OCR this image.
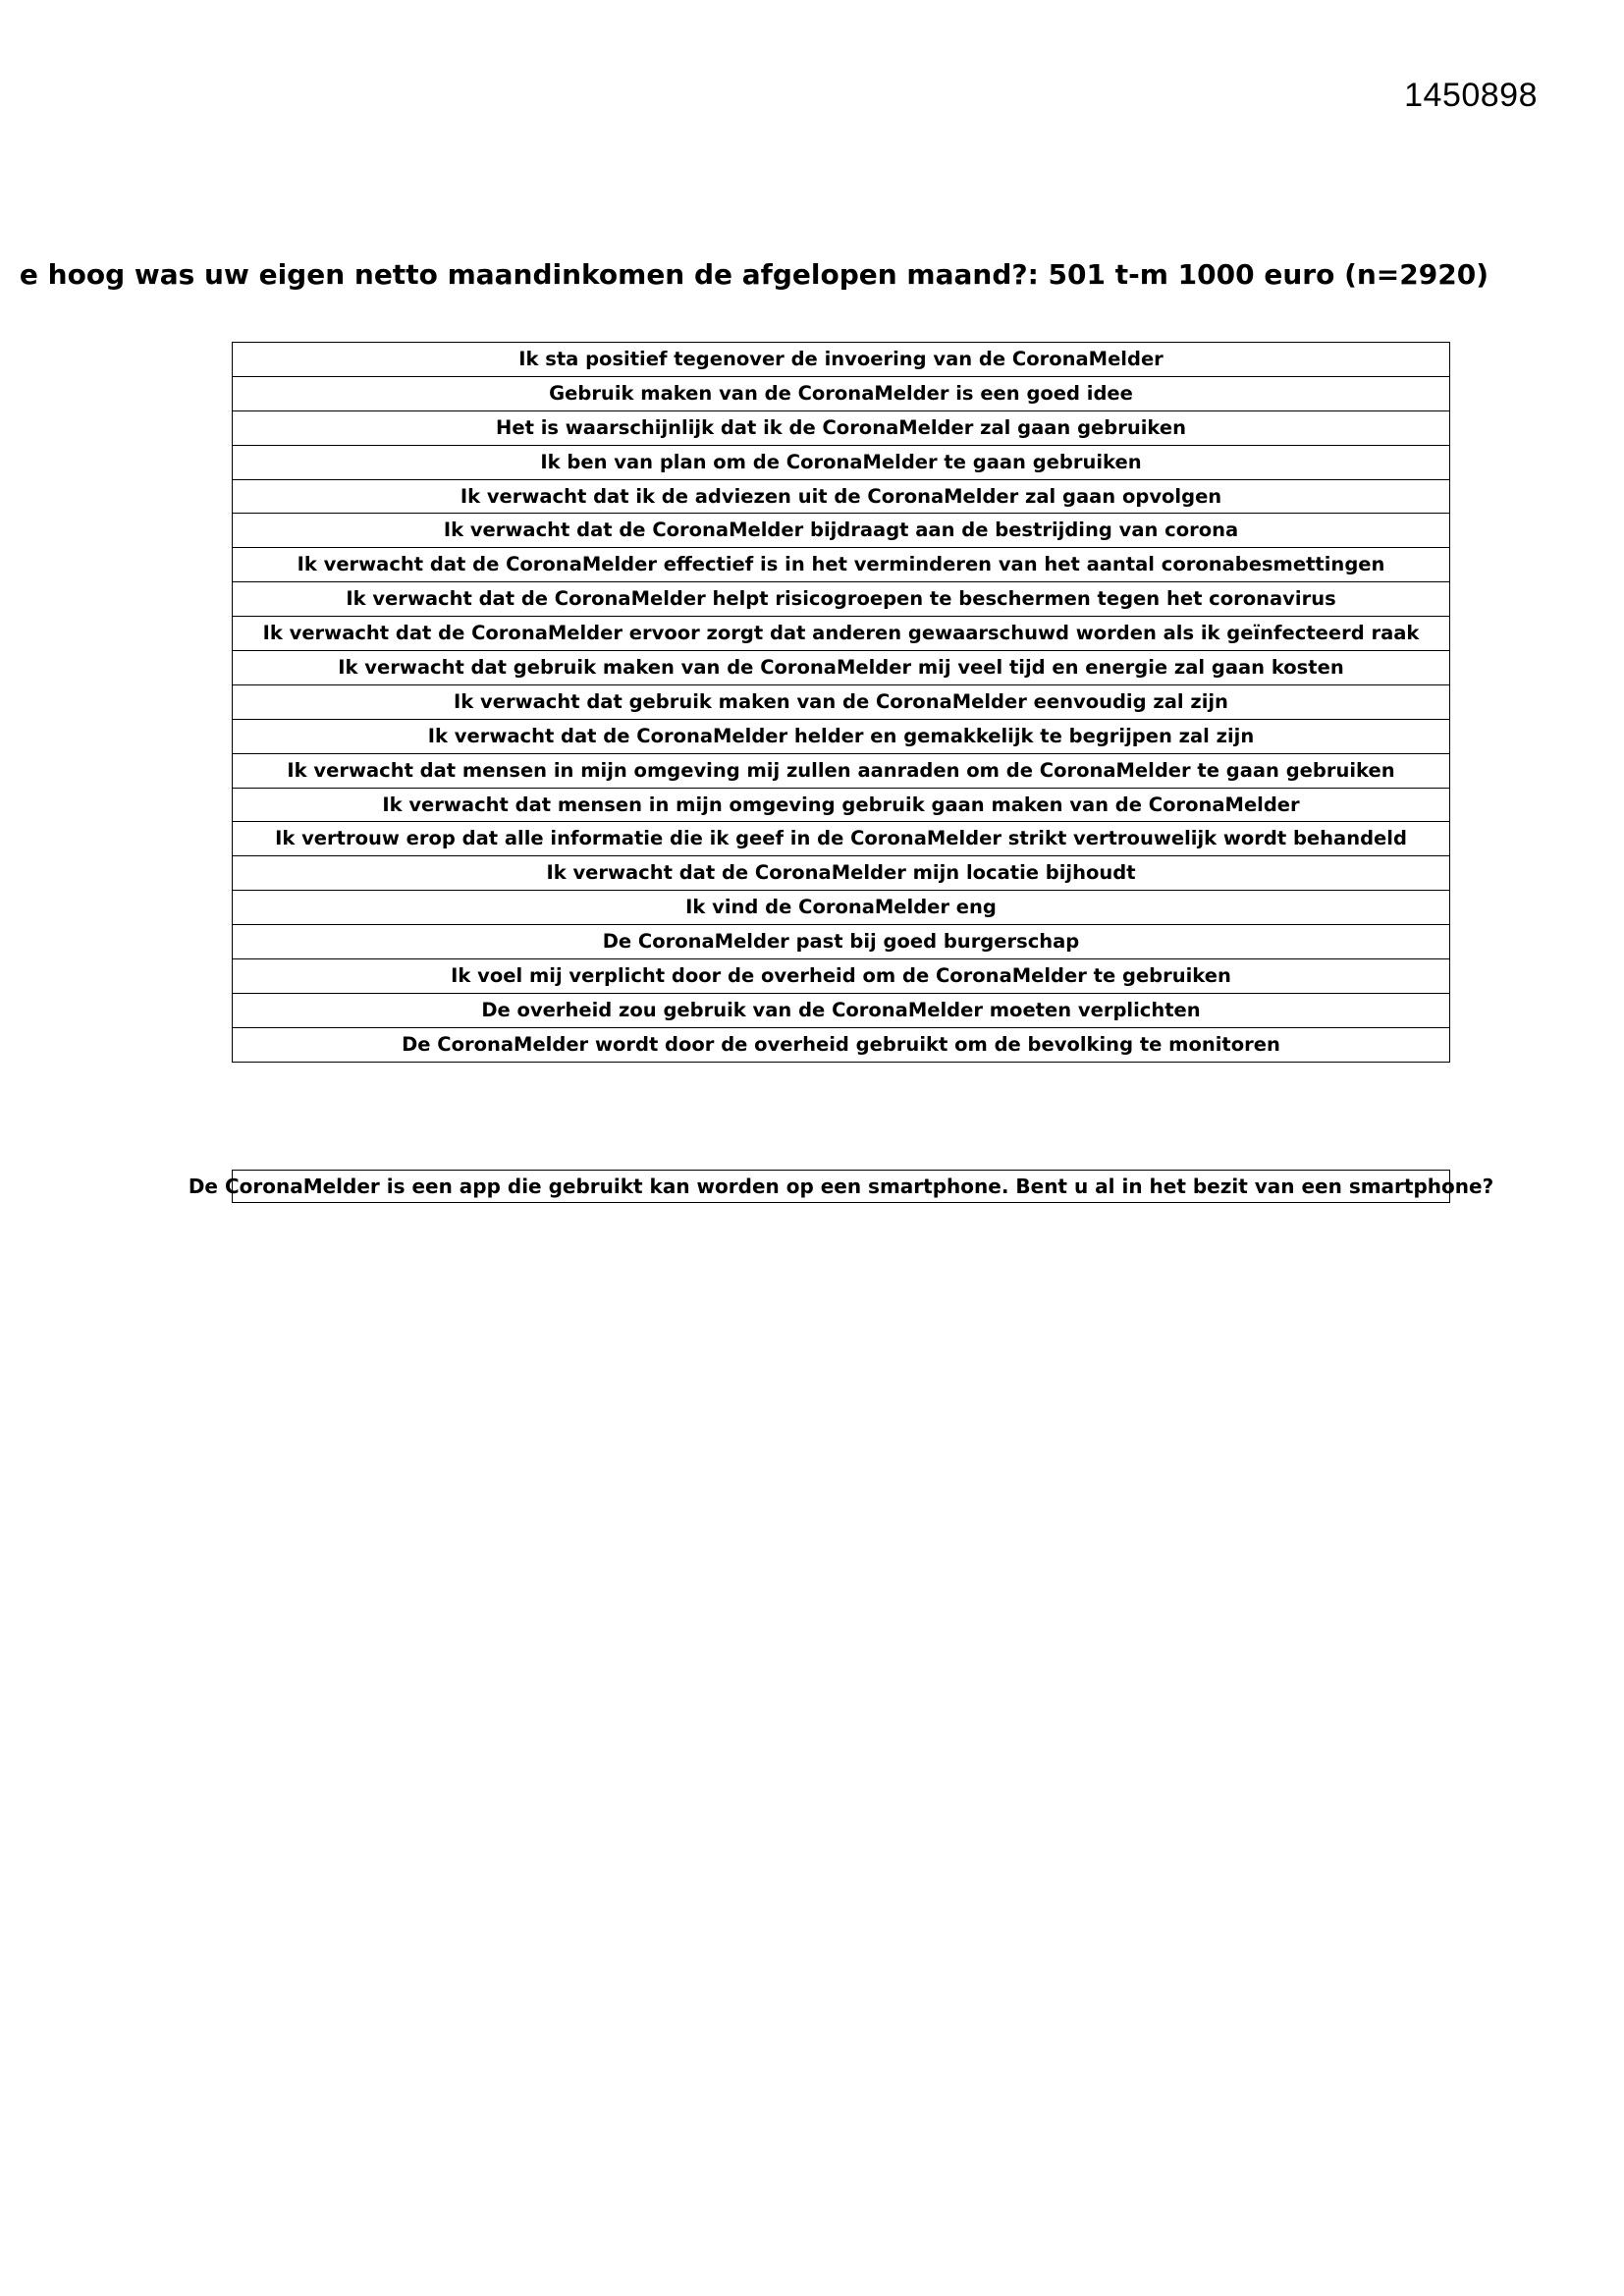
1450898
e hoog was uw eigen netto maandinkomen de afgelopen maand?: 501 t-m 1000 euro (n=2920)
Ik sta positief tegenover de invoering van de CoronaMelder
Gebruik maken van de CoronaMelder is een goed idee
Het is waarschijnlijk dat ik de CoronaMelder zal gaan gebruiken
Ik ben van plan om de CoronaMelder te gaan gebruiken
Ik verwacht dat ik de adviezen uit de CoronaMelder zal gaan opvolgen
Ik verwacht dat de CoronaMelder bijdraagt aan de bestrijding van corona
Ik verwacht dat de CoronaMelder effectief is in het verminderen van het aantal coronabesmettingen
Ik verwacht dat de CoronaMelder helpt risicogroepen te beschermen tegen het coronavirus
Ik verwacht dat de CoronaMelder ervoor zorgt dat anderen gewaarschuwd worden als ik geïnfecteerd raak
Ik verwacht dat gebruik maken van de CoronaMelder mij veel tijd en energie zal gaan kosten
Ik verwacht dat gebruik maken van de CoronaMelder eenvoudig zal zijn
Ik verwacht dat de CoronaMelder helder en gemakkelijk te begrijpen zal zijn
Ik verwacht dat mensen in mijn omgeving mij zullen aanraden om de CoronaMelder te gaan gebruiken
Ik verwacht dat mensen in mijn omgeving gebruik gaan maken van de CoronaMelder
Ik vertrouw erop dat alle informatie die ik geef in de CoronaMelder strikt vertrouwelijk wordt behandeld
Ik verwacht dat de CoronaMelder mijn locatie bijhoudt
Ik vind de CoronaMelder eng
De CoronaMelder past bij goed burgerschap
Ik voel mij verplicht door de overheid om de CoronaMelder te gebruiken
De overheid zou gebruik van de CoronaMelder moeten verplichten
De CoronaMelder wordt door de overheid gebruikt om de bevolking te monitoren
De CoronaMelder is een app die gebruikt kan worden op een smartphone. Bent u al in het bezit van een smartphone?
